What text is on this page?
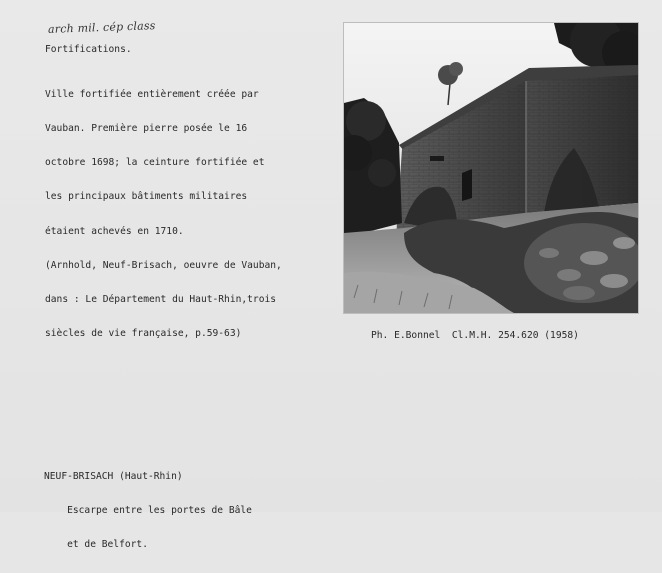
arch mil. cép class
Fortifications.

Ville fortifiée entièrement créée par

Vauban. Première pierre posée le 16

octobre 1698; la ceinture fortifiée et

les principaux bâtiments militaires

étaient achevés en 1710.

(Arnhold, Neuf-Brisach, oeuvre de Vauban,

dans : Le Département du Haut-Rhin,trois

siècles de vie française, p.59-63)

	Ph. E.Bonnel  Cl.M.H. 254.620 (1958)

NEUF-BRISACH (Haut-Rhin)

Escarpe entre les portes de Bâle

et de Belfort.
